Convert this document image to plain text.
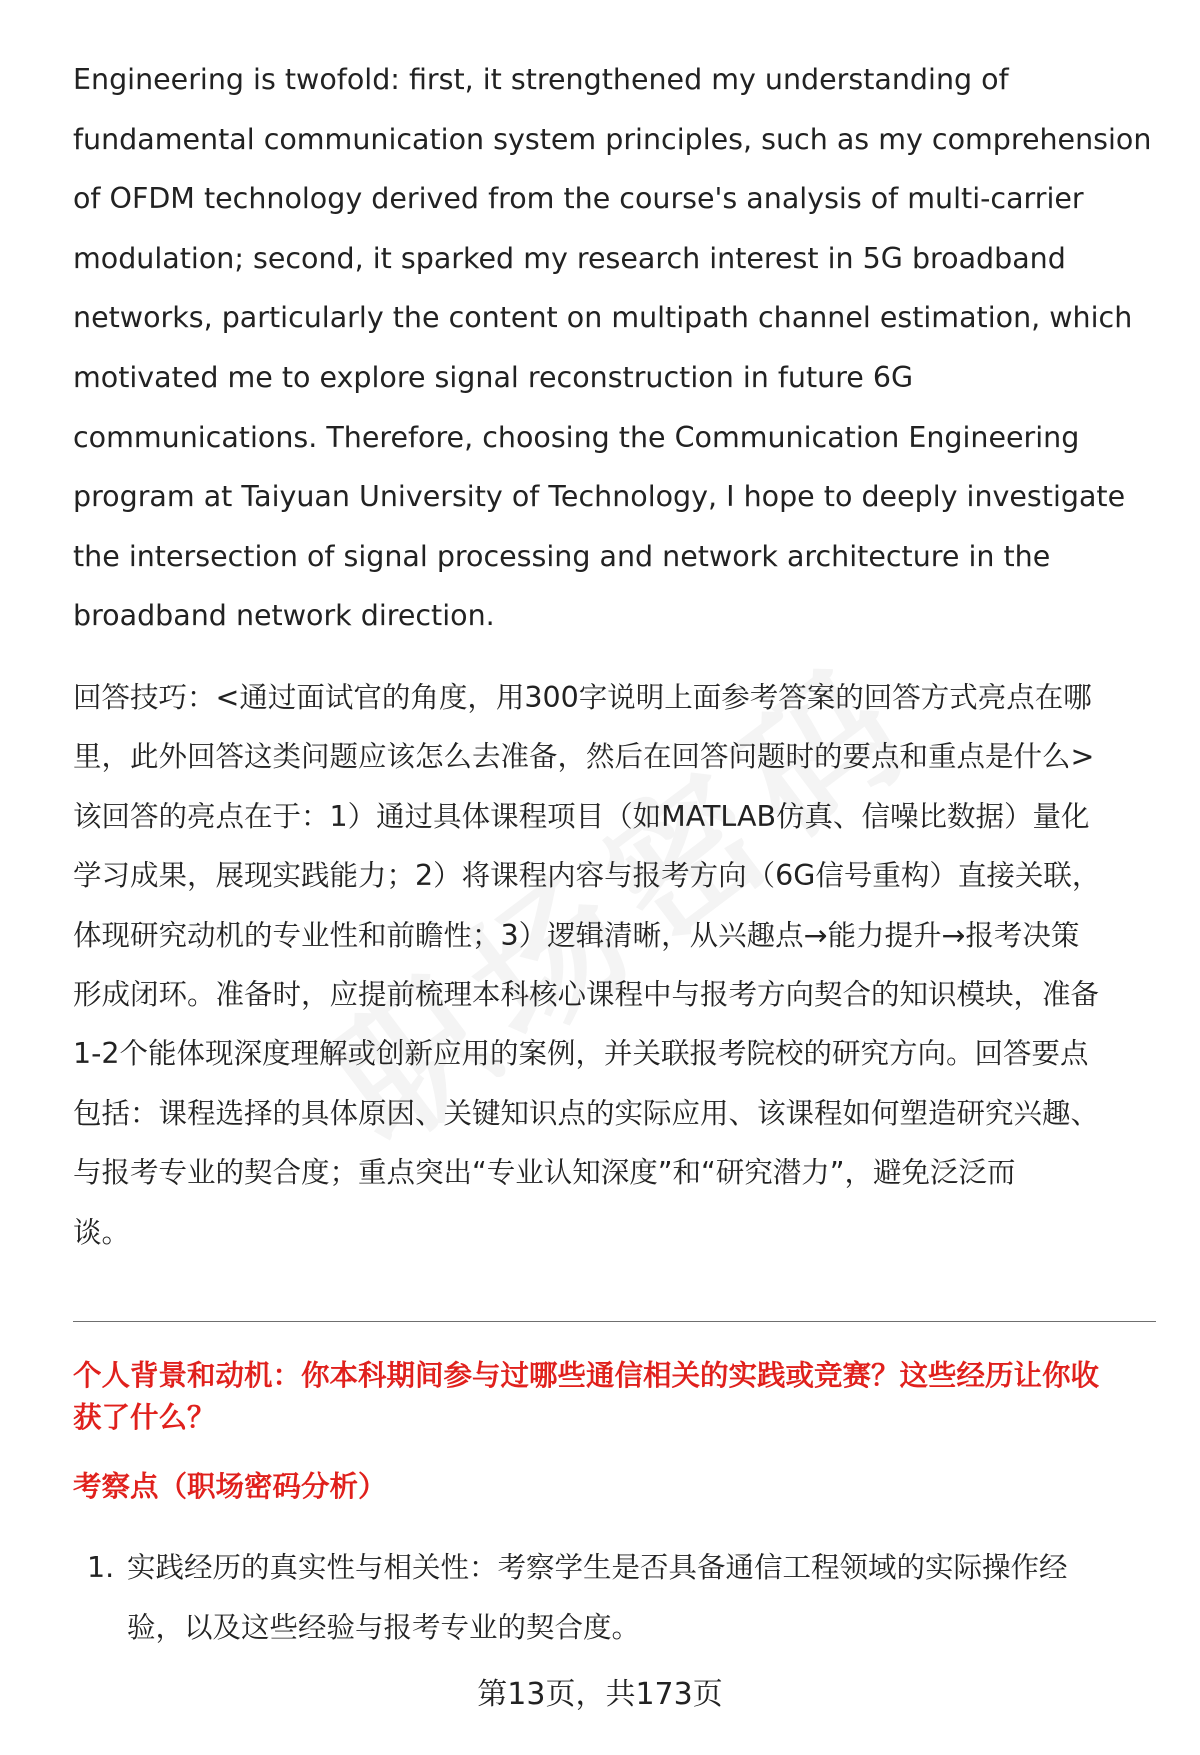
Engineering is twofold: first, it strengthened my understanding of
fundamental communication system principles, such as my comprehension
of OFDM technology derived from the course's analysis of multi-carrier
modulation; second, it sparked my research interest in 5G broadband
networks, particularly the content on multipath channel estimation, which
motivated me to explore signal reconstruction in future 6G
communications. Therefore, choosing the Communication Engineering
program at Taiyuan University of Technology, I hope to deeply investigate
the intersection of signal processing and network architecture in the
broadband network direction.

回答技巧：<通过面试官的角度，用300字说明上面参考答案的回答方式亮点在哪
里，此外回答这类问题应该怎么去准备，然后在回答问题时的要点和重点是什么>
该回答的亮点在于：1）通过具体课程项目（如MATLAB仿真、信噪比数据）量化
学习成果，展现实践能力；2）将课程内容与报考方向（6G信号重构）直接关联，
体现研究动机的专业性和前瞻性；3）逻辑清晰，从兴趣点→能力提升→报考决策
形成闭环。准备时，应提前梳理本科核心课程中与报考方向契合的知识模块，准备
1-2个能体现深度理解或创新应用的案例，并关联报考院校的研究方向。回答要点
包括：课程选择的具体原因、关键知识点的实际应用、该课程如何塑造研究兴趣、
与报考专业的契合度；重点突出“专业认知深度”和“研究潜力”，避免泛泛而
谈。

个人背景和动机：你本科期间参与过哪些通信相关的实践或竞赛？这些经历让你收
获了什么？
考察点（职场密码分析）
1. 实践经历的真实性与相关性：考察学生是否具备通信工程领域的实际操作经
验，以及这些经验与报考专业的契合度。
第13页，共173页
